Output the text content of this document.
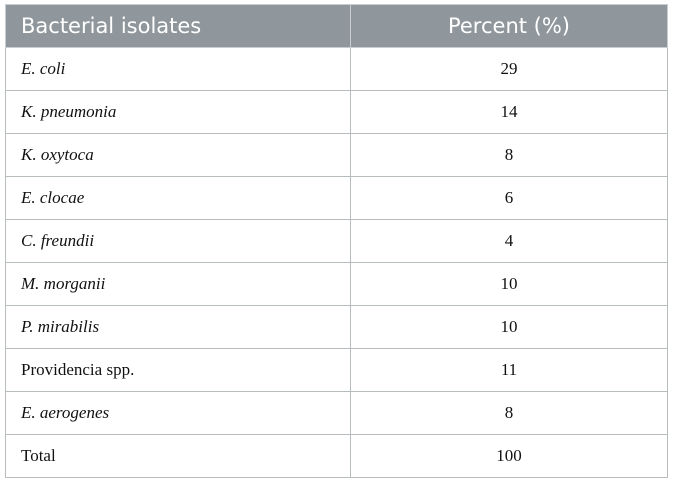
Bacterial isolates	Percent (%)
E. coli	29
K. pneumonia	14
K. oxytoca	8
E. clocae	6
C. freundii	4
M. morganii	10
P. mirabilis	10
Providencia spp.	11
E. aerogenes	8
Total	100
